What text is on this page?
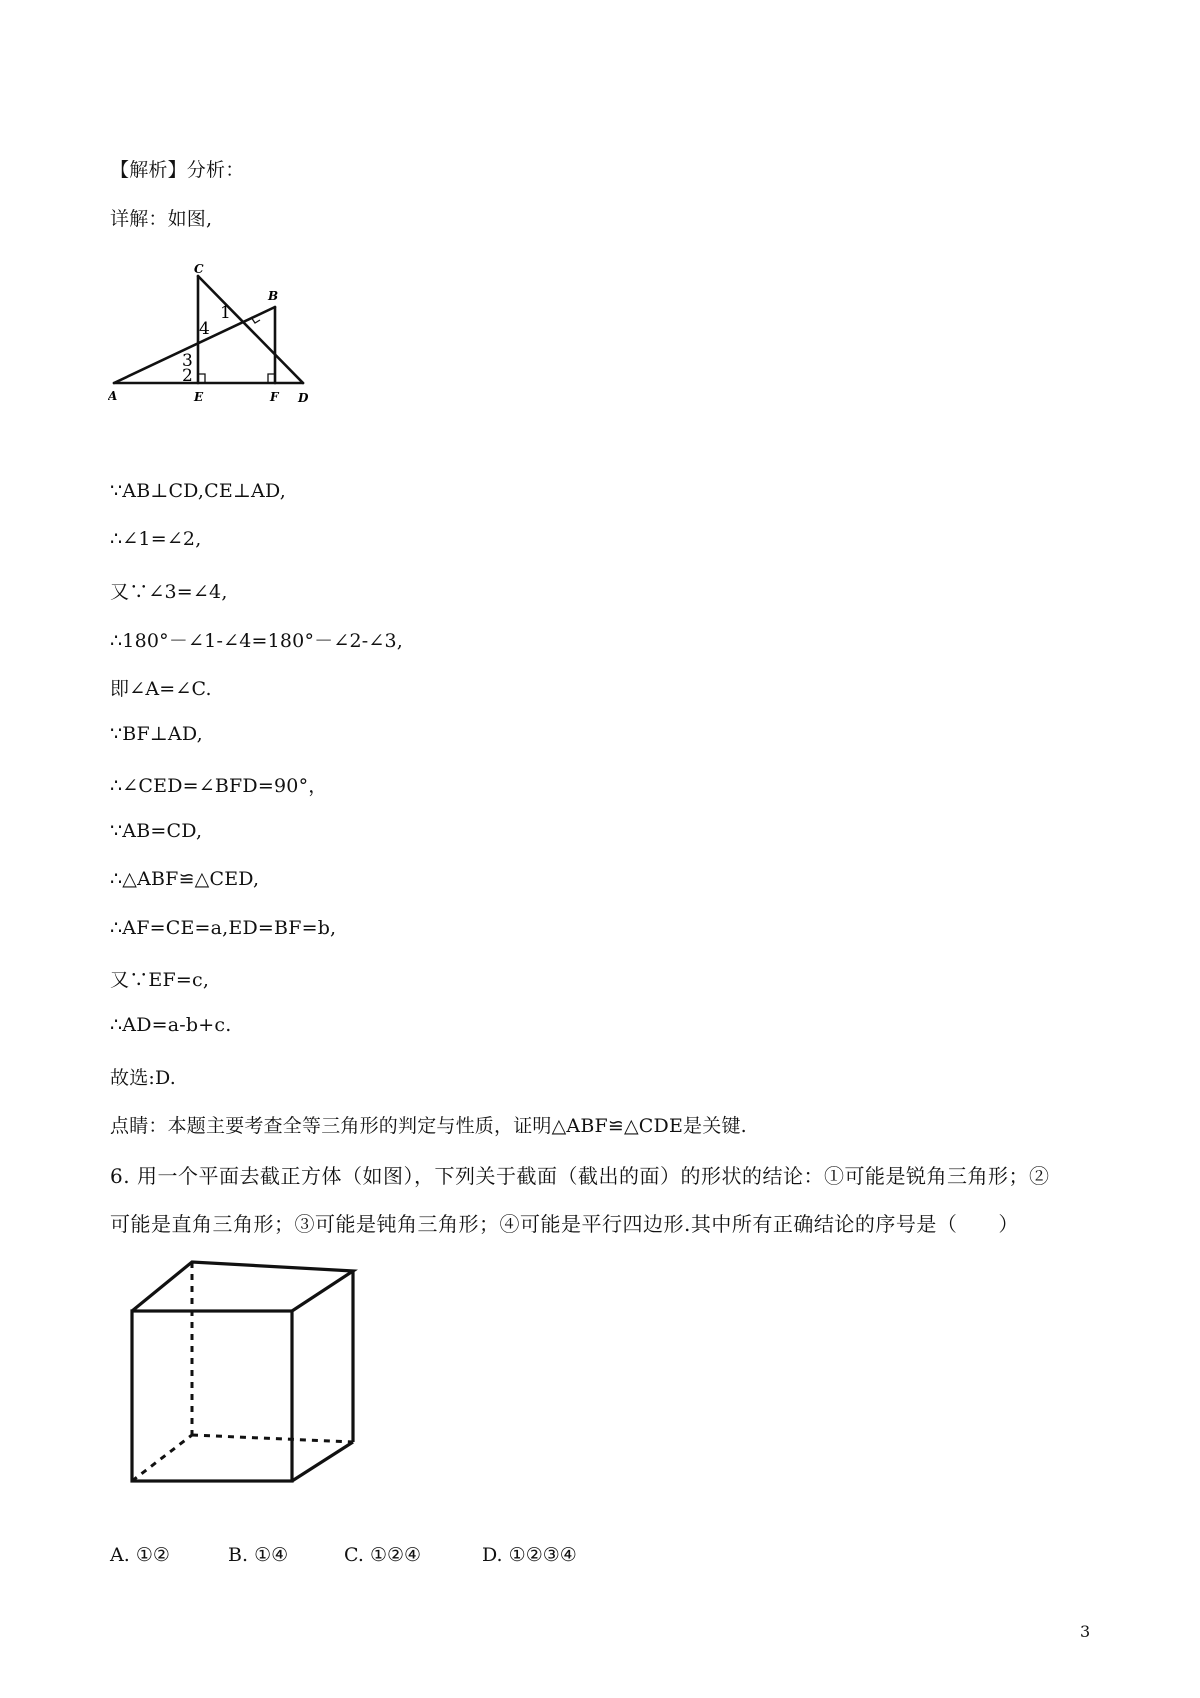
【解析】分析：
详解：如图,
C
B
A	E	F D
1
4
3
2
∵AB⊥CD,CE⊥AD,
∴∠1=∠2,
又∵∠3=∠4,
∴180°－∠1-∠4=180°－∠2-∠3,
即∠A=∠C.
∵BF⊥AD,
∴∠CED=∠BFD=90°，
∵AB=CD,
∴△ABF≌△CED,
∴AF=CE=a,ED=BF=b,
又∵EF=c,
∴AD=a-b+c.
故选:D.
点睛：本题主要考查全等三角形的判定与性质，证明△ABF≌△CDE是关键.
6. 用一个平面去截正方体（如图），下列关于截面（截出的面）的形状的结论：①可能是锐角三角形；②
可能是直角三角形；③可能是钝角三角形；④可能是平行四边形.其中所有正确结论的序号是（　　）
A. ①②	B. ①④	C. ①②④	D. ①②③④
3
